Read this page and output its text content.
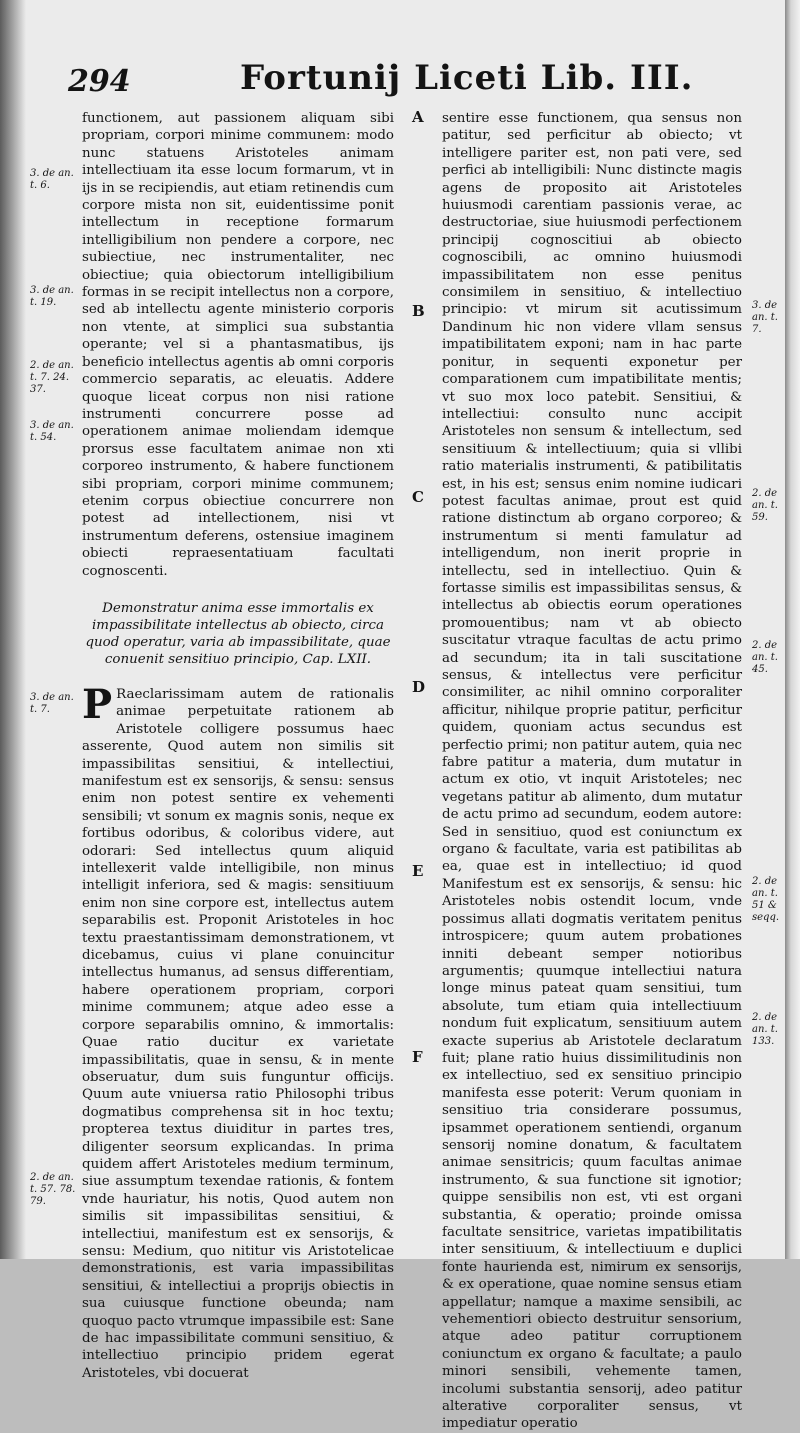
294	Fortunij Liceti Lib. III.
3. de an. t. 6.
3. de an. t. 19.
2. de an. t. 7. 24. 37.
3. de an. t. 54.
3. de an. t. 7.
2. de an. t. 57. 78. 79.
A
B
C
D
E
F

functionem, aut passionem aliquam sibi propriam, corpori minime communem: modo nunc statuens Aristoteles animam intellectiuam ita esse locum formarum, vt in ijs in se recipiendis, aut etiam retinendis cum corpore mista non sit, euidentissime ponit intellectum in receptione formarum intelligibilium non pendere a corpore, nec subiectiue, nec instrumentaliter, nec obiectiue; quia obiectorum intelligibilium formas in se recipit intellectus non a corpore, sed ab intellectu agente ministerio corporis non vtente, at simplici sua substantia operante; vel si a phantasmatibus, ijs beneficio intellectus agentis ab omni corporis commercio separatis, ac eleuatis. Addere quoque liceat corpus non nisi ratione instrumenti concurrere posse ad operationem animae moliendam idemque prorsus esse facultatem animae non xti corporeo instrumento, & habere functionem sibi propriam, corpori minime communem; etenim corpus obiectiue concurrere non potest ad intellectionem, nisi vt instrumentum deferens, ostensiue imaginem obiecti repraesentatiuam facultati cognoscenti.

Demonstratur anima esse immortalis ex impassibilitate intellectus ab obiecto, circa quod operatur, varia ab impassibilitate, quae conuenit sensitiuo principio, Cap. LXII.

P Raeclarissimam autem de rationalis animae perpetuitate rationem ab Aristotele colligere possumus haec asserente, Quod autem non similis sit impassibilitas sensitiui, & intellectiui, manifestum est ex sensorijs, & sensu: sensus enim non potest sentire ex vehementi sensibili; vt sonum ex magnis sonis, neque ex fortibus odoribus, & coloribus videre, aut odorari: Sed intellectus quum aliquid intellexerit valde intelligibile, non minus intelligit inferiora, sed & magis: sensitiuum enim non sine corpore est, intellectus autem separabilis est. Proponit Aristoteles in hoc textu praestantissimam demonstrationem, vt dicebamus, cuius vi plane conuincitur intellectus humanus, ad sensus differentiam, habere operationem propriam, corpori minime communem; atque adeo esse a corpore separabilis omnino, & immortalis: Quae ratio ducitur ex varietate impassibilitatis, quae in sensu, & in mente obseruatur, dum suis funguntur officijs. Quum aute vniuersa ratio Philosophi tribus dogmatibus comprehensa sit in hoc textu; propterea textus diuiditur in partes tres, diligenter seorsum explicandas. In prima quidem affert Aristoteles medium terminum, siue assumptum texendae rationis, & fontem vnde hauriatur, his notis, Quod autem non similis sit impassibilitas sensitiui, & intellectiui, manifestum est ex sensorijs, & sensu: Medium, quo nititur vis Aristotelicae demonstrationis, est varia impassibilitas sensitiui, & intellectiui a proprijs obiectis in sua cuiusque functione obeunda; nam quoquo pacto vtrumque impassibile est: Sane de hac impassibilitate communi sensitiuo, & intellectiuo principio pridem egerat Aristoteles, vbi docuerat

sentire esse functionem, qua sensus non patitur, sed perficitur ab obiecto; vt intelligere pariter est, non pati vere, sed perfici ab intelligibili: Nunc distincte magis agens de proposito ait Aristoteles huiusmodi carentiam passionis verae, ac destructoriae, siue huiusmodi perfectionem principij cognoscitiui ab obiecto cognoscibili, ac omnino huiusmodi impassibilitatem non esse penitus consimilem in sensitiuo, & intellectiuo principio: vt mirum sit acutissimum Dandinum hic non videre vllam sensus impatibilitatem exponi; nam in hac parte ponitur, in sequenti exponetur per comparationem cum impatibilitate mentis; vt suo mox loco patebit. Sensitiui, & intellectiui: consulto nunc accipit Aristoteles non sensum & intellectum, sed sensitiuum & intellectiuum; quia si vllibi ratio materialis instrumenti, & patibilitatis est, in his est; sensus enim nomine iudicari potest facultas animae, prout est quid ratione distinctum ab organo corporeo; & instrumentum si menti famulatur ad intelligendum, non inerit proprie in intellectu, sed in intellectiuo. Quin & fortasse similis est impassibilitas sensus, & intellectus ab obiectis eorum operationes promouentibus; nam vt ab obiecto suscitatur vtraque facultas de actu primo ad secundum; ita in tali suscitatione sensus, & intellectus vere perficitur consimiliter, ac nihil omnino corporaliter afficitur, nihilque proprie patitur, perficitur quidem, quoniam actus secundus est perfectio primi; non patitur autem, quia nec fabre patitur a materia, dum mutatur in actum ex otio, vt inquit Aristoteles; nec vegetans patitur ab alimento, dum mutatur de actu primo ad secundum, eodem autore: Sed in sensitiuo, quod est coniunctum ex organo & facultate, varia est patibilitas ab ea, quae est in intellectiuo; id quod Manifestum est ex sensorijs, & sensu: hic Aristoteles nobis ostendit locum, vnde possimus allati dogmatis veritatem penitus introspicere; quum autem probationes inniti debeant semper notioribus argumentis; quumque intellectiui natura longe minus pateat quam sensitiui, tum absolute, tum etiam quia intellectiuum nondum fuit explicatum, sensitiuum autem exacte superius ab Aristotele declaratum fuit; plane ratio huius dissimilitudinis non ex intellectiuo, sed ex sensitiuo principio manifesta esse poterit: Verum quoniam in sensitiuo tria considerare possumus, ipsammet operationem sentiendi, organum sensorij nomine donatum, & facultatem animae sensitricis; quum facultas animae instrumento, & sua functione sit ignotior; quippe sensibilis non est, vti est organi substantia, & operatio; proinde omissa facultate sensitrice, varietas impatibilitatis inter sensitiuum, & intellectiuum e duplici fonte haurienda est, nimirum ex sensorijs, & ex operatione, quae nomine sensus etiam appellatur; namque a maxime sensibili, ac vehementiori obiecto destruitur sensorium, atque adeo patitur corruptionem coniunctum ex organo & facultate; a paulo minori sensibili, vehemente tamen, incolumi substantia sensorij, adeo patitur alterative corporaliter sensus, vt impediatur operatio

3. de an. t. 7.
2. de an. t. 59.
2. de an. t. 45.
2. de an. t. 51 & seqq.
2. de an. t. 133.
